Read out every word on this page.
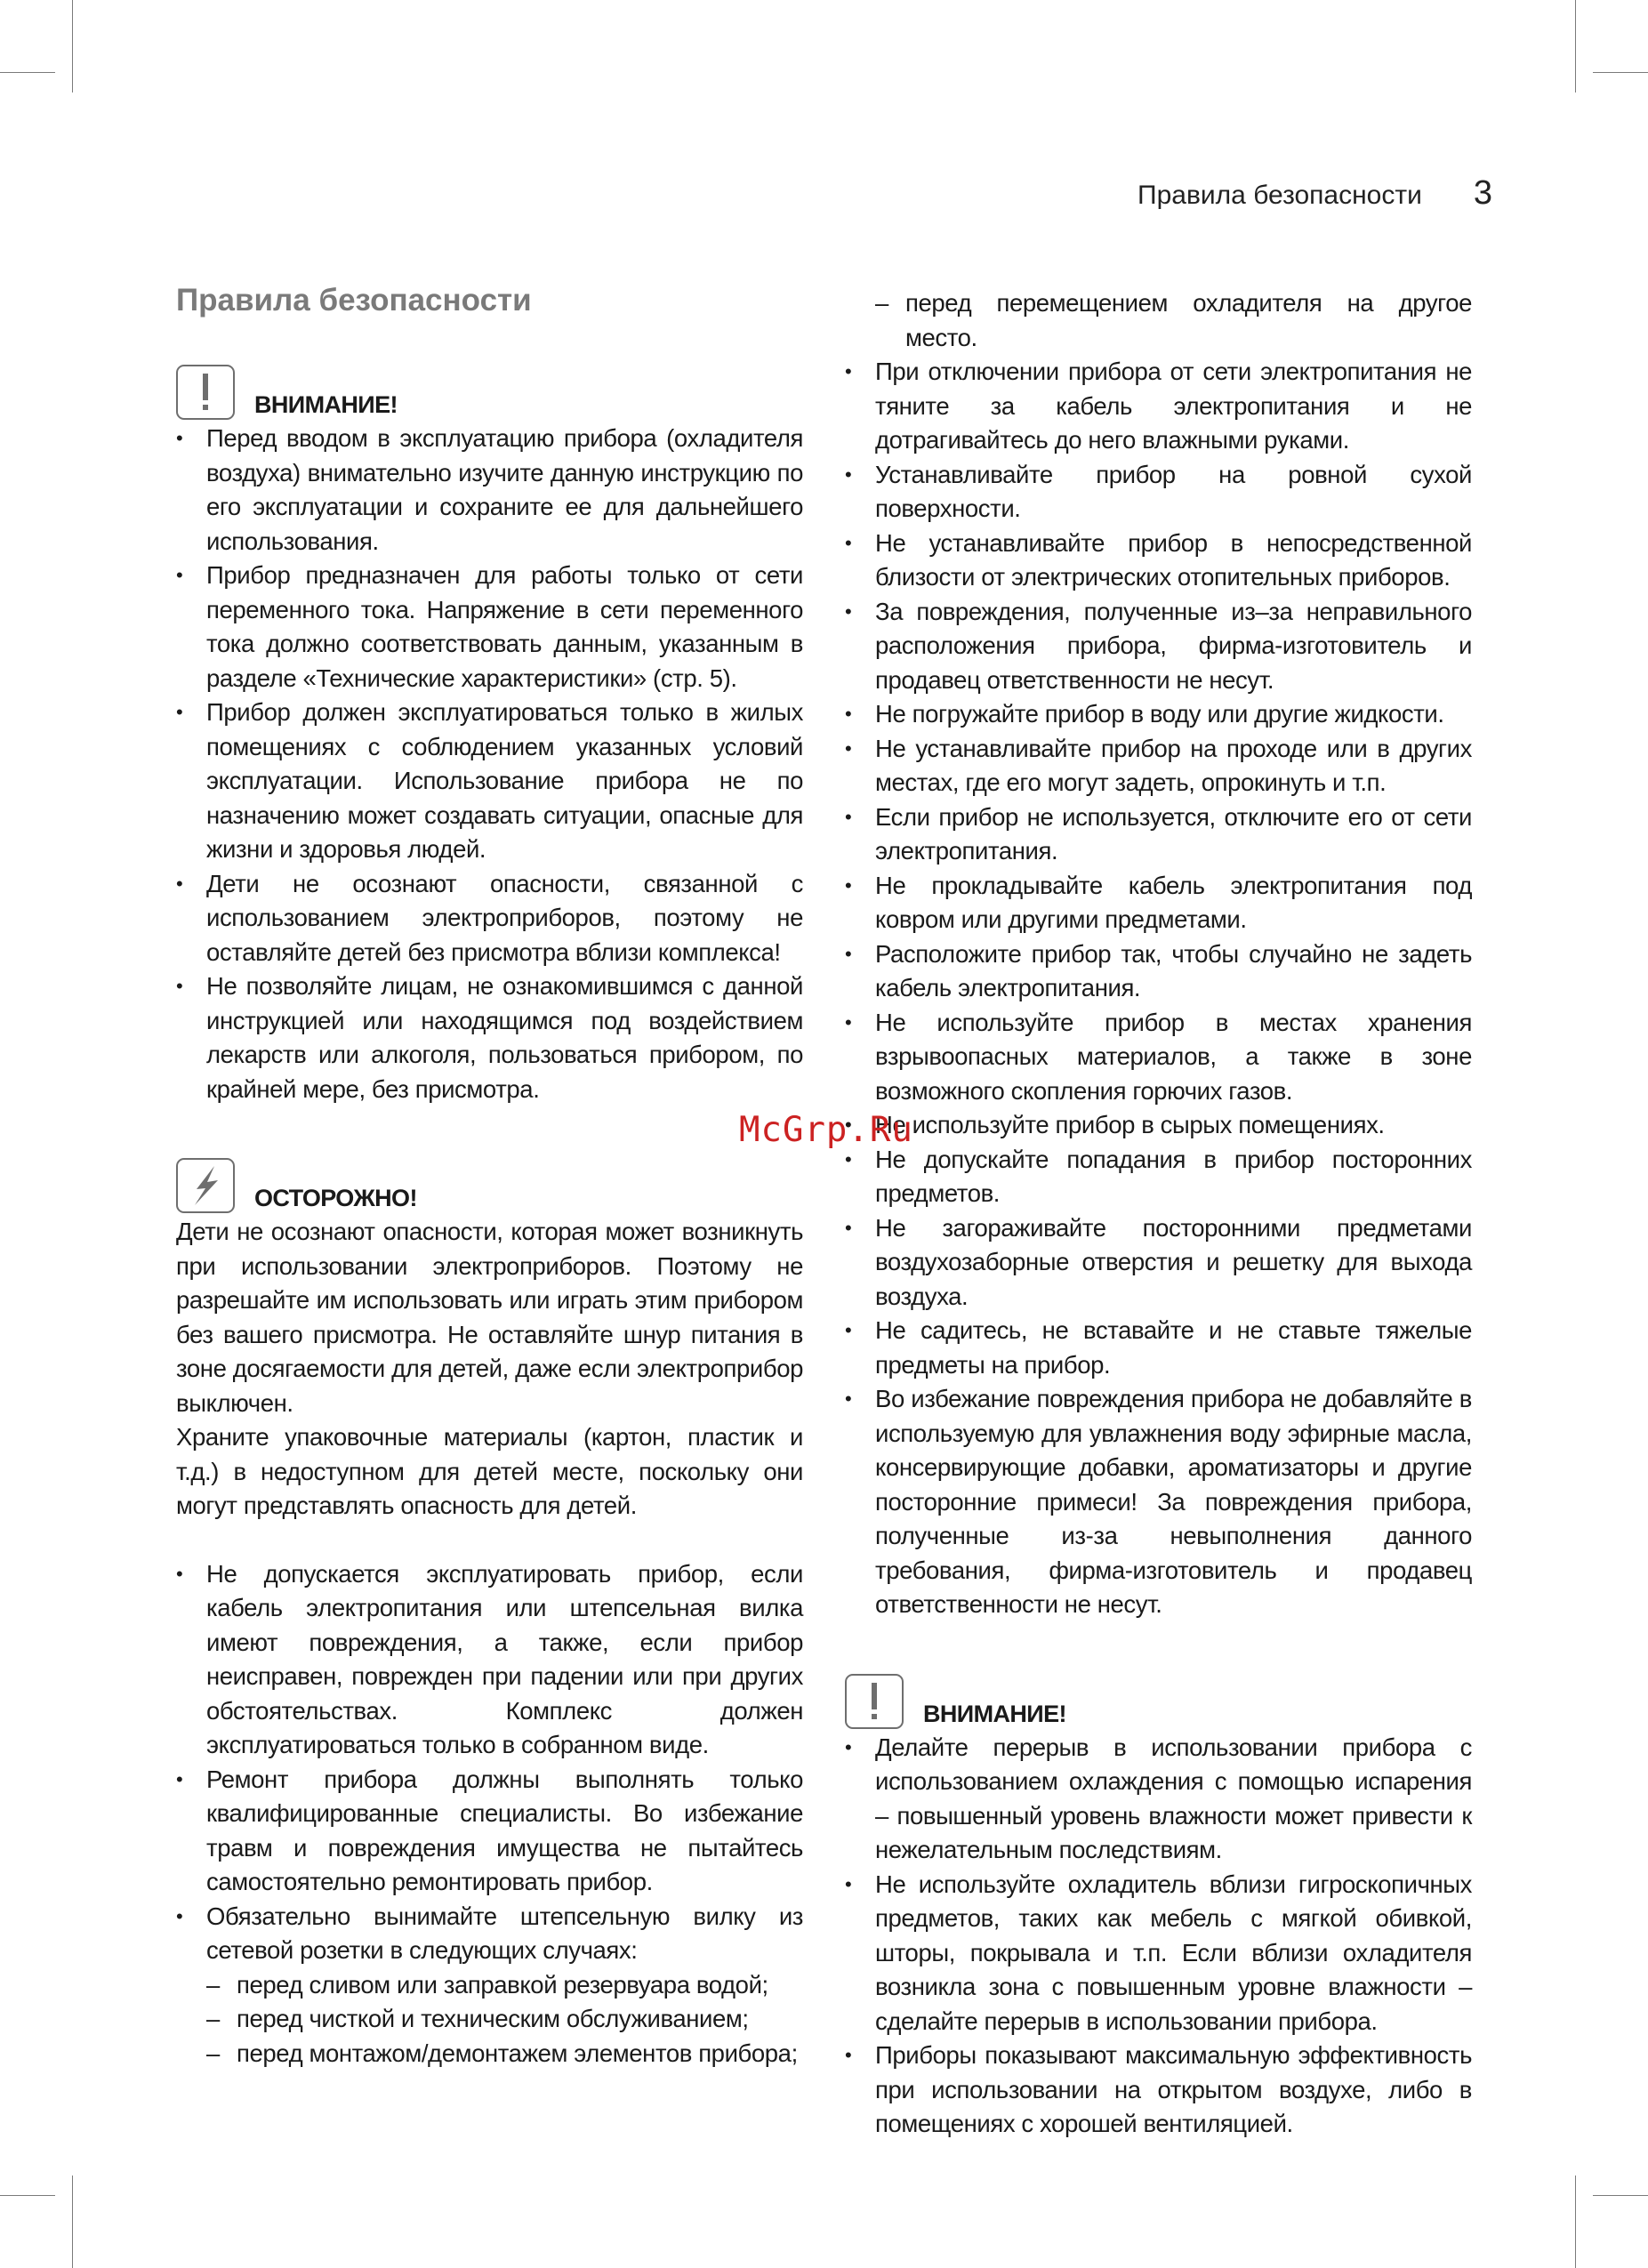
Правила безопасности 3
Правила безопасности
ВНИМАНИЕ!
• Перед вводом в эксплуатацию прибора (охладителя воздуха) внимательно изучите данную инструкцию по его эксплуатации и сохраните ее для дальнейшего использования.
• Прибор предназначен для работы только от сети переменного тока. Напряжение в сети переменного тока должно соответствовать данным, указанным в разделе «Технические характеристики» (стр. 5).
• Прибор должен эксплуатироваться только в жилых помещениях с соблюдением указанных условий эксплуатации. Использование прибора не по назначению может создавать ситуации, опасные для жизни и здоровья людей.
• Дети не осознают опасности, связанной с использованием электроприборов, поэтому не оставляйте детей без присмотра вблизи комплекса!
• Не позволяйте лицам, не ознакомившимся с данной инструкцией или находящимся под воздействием лекарств или алкоголя, пользоваться прибором, по крайней мере, без присмотра.
ОСТОРОЖНО!

Дети не осознают опасности, которая может возникнуть при использовании электроприборов. Поэтому не разрешайте им использовать или играть этим прибором без вашего присмотра. Не оставляйте шнур питания в зоне досягаемости для детей, даже если электроприбор выключен.

Храните упаковочные материалы (картон, пластик и т.д.) в недоступном для детей месте, поскольку они могут представлять опасность для детей.

• Не допускается эксплуатировать прибор, если кабель электропитания или штепсельная вилка имеют повреждения, а также, если прибор неисправен, поврежден при падении или при других обстоятельствах. Комплекс должен эксплуатироваться только в собранном виде.
• Ремонт прибора должны выполнять только квалифицированные специалисты. Во избежание травм и повреждения имущества не пытайтесь самостоятельно ремонтировать прибор.
• Обязательно вынимайте штепсельную вилку из сетевой розетки в следующих случаях:
– перед сливом или заправкой резервуара водой;
– перед чисткой и техническим обслуживанием;
– перед монтажом/демонтажем элементов прибора;
– перед перемещением охладителя на другое место.
• При отключении прибора от сети электропитания не тяните за кабель электропитания и не дотрагивайтесь до него влажными руками.
• Устанавливайте прибор на ровной сухой поверхности.
• Не устанавливайте прибор в непосредственной близости от электрических отопительных приборов.
• За повреждения, полученные из–за неправильного расположения прибора, фирма-изготовитель и продавец ответственности не несут.
• Не погружайте прибор в воду или другие жидкости.
• Не устанавливайте прибор на проходе или в других местах, где его могут задеть, опрокинуть и т.п.
• Если прибор не используется, отключите его от сети электропитания.
• Не прокладывайте кабель электропитания под ковром или другими предметами.
• Расположите прибор так, чтобы случайно не задеть кабель электропитания.
• Не используйте прибор в местах хранения взрывоопасных материалов, а также в зоне возможного скопления горючих газов.
• Не используйте прибор в сырых помещениях.
• Не допускайте попадания в прибор посторонних предметов.
• Не загораживайте посторонними предметами воздухозаборные отверстия и решетку для выхода воздуха.
• Не садитесь, не вставайте и не ставьте тяжелые предметы на прибор.
• Во избежание повреждения прибора не добавляйте в используемую для увлажнения воду эфирные масла, консервирующие добавки, ароматизаторы и другие посторонние примеси! За повреждения прибора, полученные из-за невыполнения данного требования, фирма-изготовитель и продавец ответственности не несут.
ВНИМАНИЕ!
• Делайте перерыв в использовании прибора с использованием охлаждения с помощью испарения – повышенный уровень влажности может привести к нежелательным последствиям.
• Не используйте охладитель вблизи гигроскопичных предметов, таких как мебель с мягкой обивкой, шторы, покрывала и т.п. Если вблизи охладителя возникла зона с повышенным уровне влажности – сделайте перерыв в использовании прибора.
• Приборы показывают максимальную эффективность при использовании на открытом воздухе, либо в помещениях с хорошей вентиляцией.
McGrp.Ru
